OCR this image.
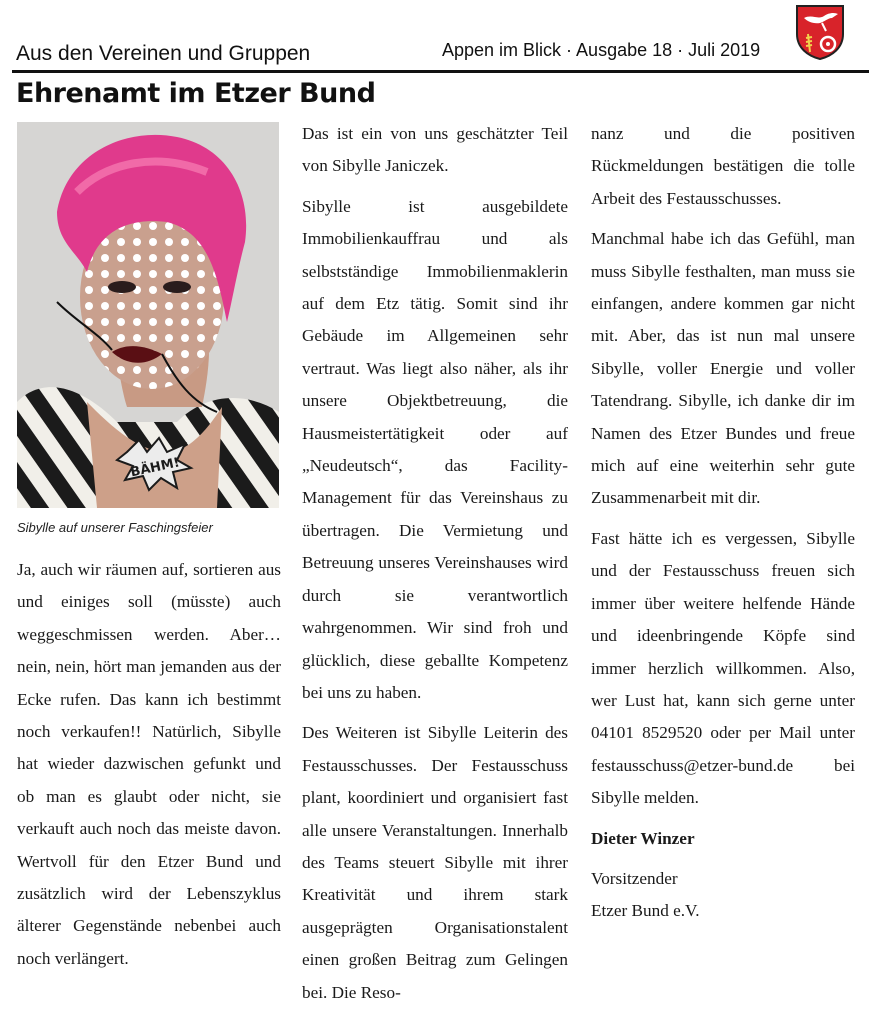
Aus den Vereinen und Gruppen	Appen im Blick · Ausgabe 18 · Juli 2019
Ehrenamt im Etzer Bund
BÄHM!
Sibylle auf unserer Faschingsfeier

Ja, auch wir räumen auf, sortieren aus und einiges soll (müsste) auch weggeschmissen werden. Aber… nein, nein, hört man jemanden aus der Ecke rufen. Das kann ich bestimmt noch verkaufen!! Natürlich, Sibylle hat wieder dazwischen gefunkt und ob man es glaubt oder nicht, sie verkauft auch noch das meiste davon. Wertvoll für den Etzer Bund und zusätzlich wird der Lebenszyklus älterer Gegenstände nebenbei auch noch verlängert.

Das ist ein von uns geschätzter Teil von Sibylle Janiczek.

Sibylle ist ausgebildete Immobilienkauffrau und als selbstständige Immobilienmaklerin auf dem Etz tätig. Somit sind ihr Gebäude im Allgemeinen sehr vertraut. Was liegt also näher, als ihr unsere Objektbetreuung, die Hausmeistertätigkeit oder auf „Neudeutsch“, das Facility-Management für das Vereinshaus zu übertragen. Die Vermietung und Betreuung unseres Vereinshauses wird durch sie verantwortlich wahrgenommen. Wir sind froh und glücklich, diese geballte Kompetenz bei uns zu haben.

Des Weiteren ist Sibylle Leiterin des Festausschusses. Der Festausschuss plant, koordiniert und organisiert fast alle unsere Veranstaltungen. Innerhalb des Teams steuert Sibylle mit ihrer Kreativität und ihrem stark ausgeprägten Organisationstalent einen großen Beitrag zum Gelingen bei. Die Reso-

nanz und die positiven Rückmeldungen bestätigen die tolle Arbeit des Festausschusses.

Manchmal habe ich das Gefühl, man muss Sibylle festhalten, man muss sie einfangen, andere kommen gar nicht mit. Aber, das ist nun mal unsere Sibylle, voller Energie und voller Tatendrang. Sibylle, ich danke dir im Namen des Etzer Bundes und freue mich auf eine weiterhin sehr gute Zusammenarbeit mit dir.

Fast hätte ich es vergessen, Sibylle und der Festausschuss freuen sich immer über weitere helfende Hände und ideenbringende Köpfe sind immer herzlich willkommen. Also, wer Lust hat, kann sich gerne unter 04101 8529520 oder per Mail unter festausschuss@etzer-bund.de bei Sibylle melden.

Dieter Winzer

Vorsitzender

Etzer Bund e.V.
